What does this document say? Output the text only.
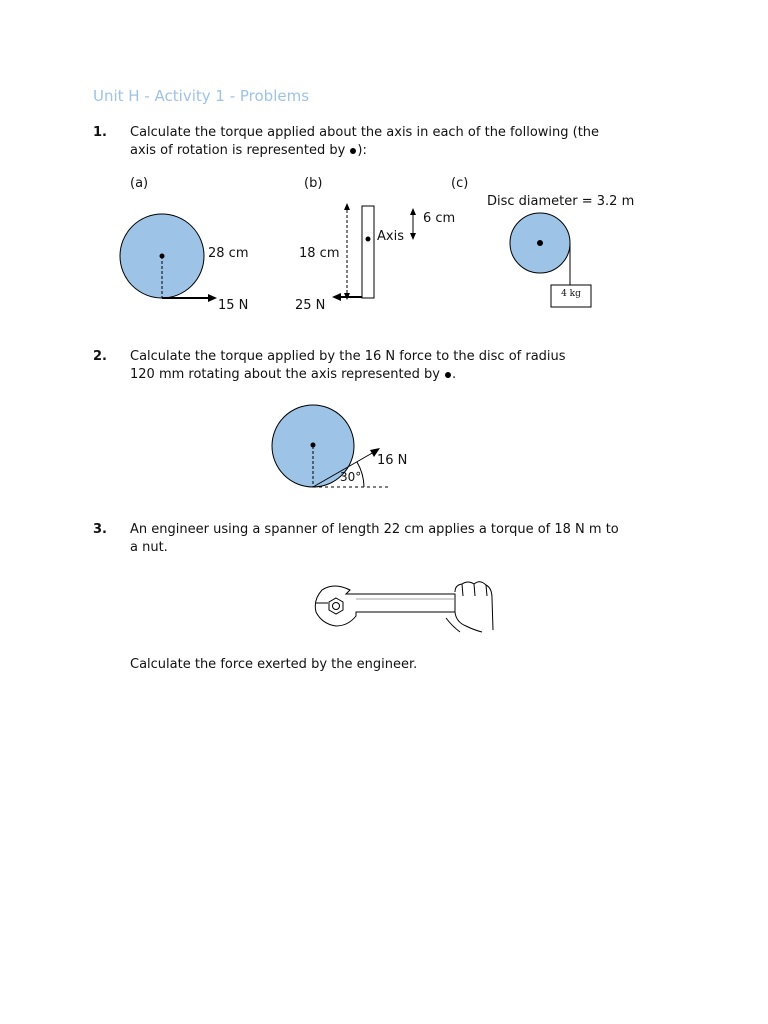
Unit H - Activity 1 - Problems
1. Calculate the torque applied about the axis in each of the following (the
axis of rotation is represented by ):
(a)	(b)	(c)
28 cm
15 N
18 cm
Axis
6 cm
25 N
Disc diameter = 3.2 m
4 kg
2. Calculate the torque applied by the 16 N force to the disc of radius
120 mm rotating about the axis represented by .
16 N
30°
3. An engineer using a spanner of length 22 cm applies a torque of 18 N m to
a nut.
Calculate the force exerted by the engineer.
